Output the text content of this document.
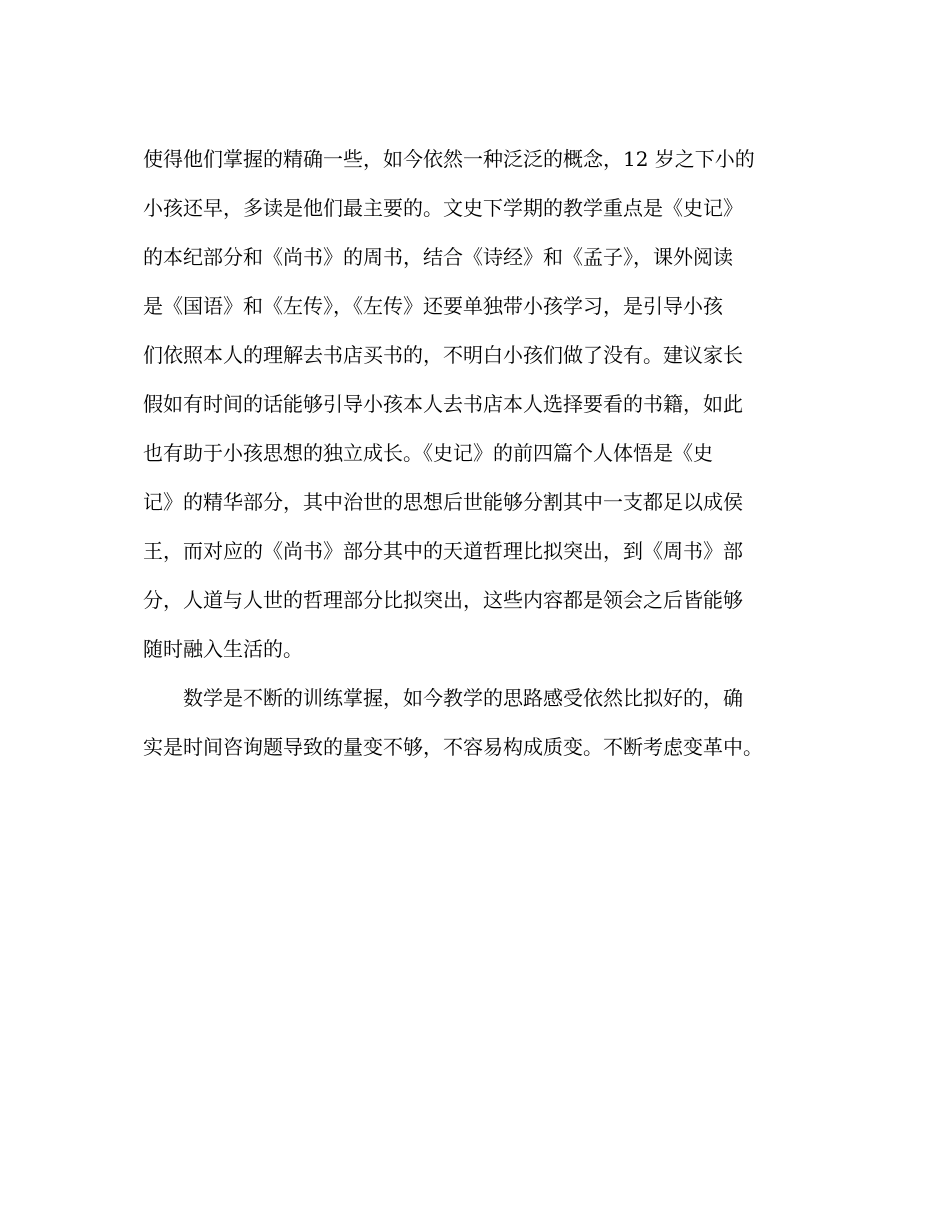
使得他们掌握的精确一些，如今依然一种泛泛的概念，12 岁之下小的
小孩还早，多读是他们最主要的。文史下学期的教学重点是《史记》
的本纪部分和《尚书》的周书，结合《诗经》和《孟子》，课外阅读
是《国语》和《左传》，《左传》还要单独带小孩学习，是引导小孩
们依照本人的理解去书店买书的，不明白小孩们做了没有。建议家长
假如有时间的话能够引导小孩本人去书店本人选择要看的书籍，如此
也有助于小孩思想的独立成长。《史记》的前四篇个人体悟是《史
记》的精华部分，其中治世的思想后世能够分割其中一支都足以成侯
王，而对应的《尚书》部分其中的天道哲理比拟突出，到《周书》部
分，人道与人世的哲理部分比拟突出，这些内容都是领会之后皆能够
随时融入生活的。
　　数学是不断的训练掌握，如今教学的思路感受依然比拟好的，确
实是时间咨询题导致的量变不够，不容易构成质变。不断考虑变革中。
